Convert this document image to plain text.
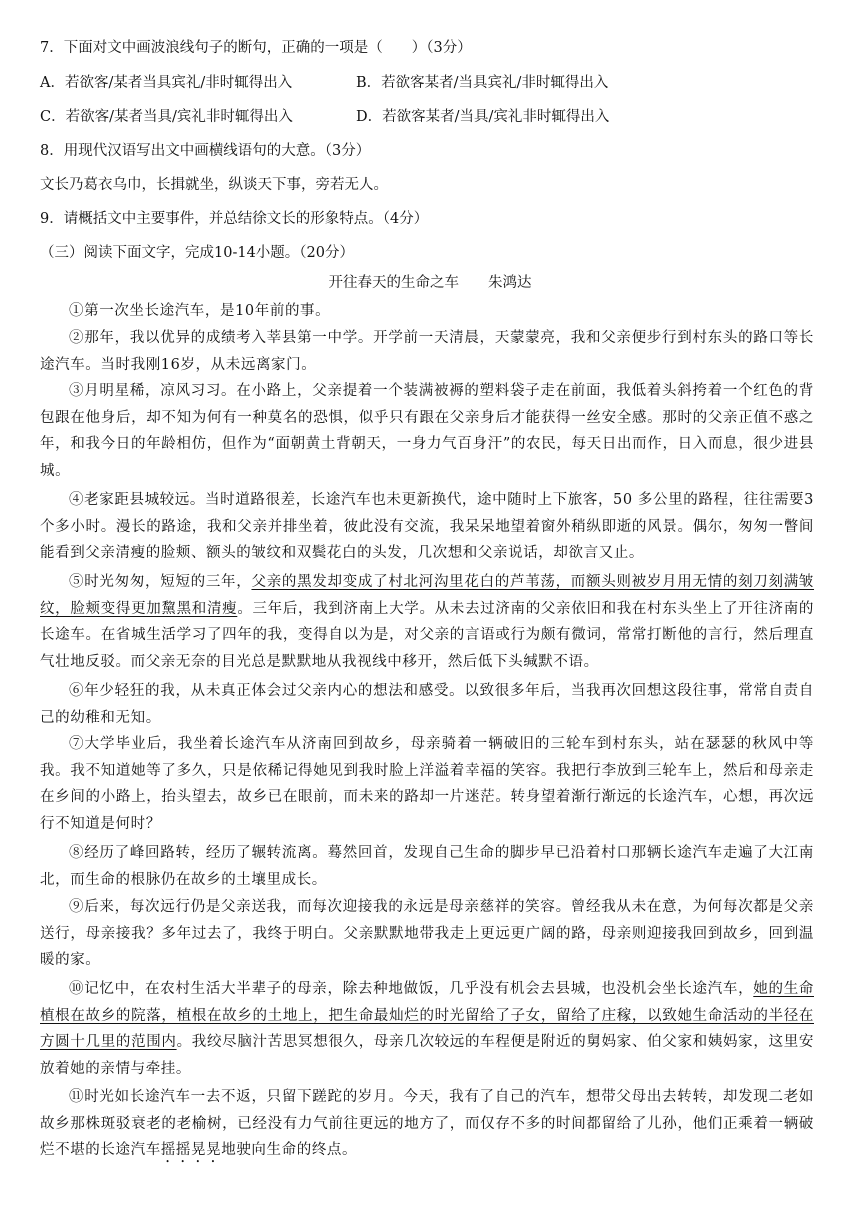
7．下面对文中画波浪线句子的断句，正确的一项是（　　）（3分）
A．若欲客/某者当具宾礼/非时辄得出入	B．若欲客某者/当具宾礼/非时辄得出入
C．若欲客/某者当具/宾礼非时辄得出入	D．若欲客某者/当具/宾礼非时辄得出入
8．用现代汉语写出文中画横线语句的大意。（3分）
文长乃葛衣乌巾，长揖就坐，纵谈天下事，旁若无人。
9．请概括文中主要事件，并总结徐文长的形象特点。（4分）
（三）阅读下面文字，完成10-14小题。（20分）
开往春天的生命之车　　朱鸿达
①第一次坐长途汽车，是10年前的事。
②那年，我以优异的成绩考入莘县第一中学。开学前一天清晨，天蒙蒙亮，我和父亲便步行到村东头的路口等长途汽车。当时我刚16岁，从未远离家门。
③月明星稀，凉风习习。在小路上，父亲提着一个装满被褥的塑料袋子走在前面，我低着头斜挎着一个红色的背包跟在他身后，却不知为何有一种莫名的恐惧，似乎只有跟在父亲身后才能获得一丝安全感。那时的父亲正值不惑之年，和我今日的年龄相仿，但作为“面朝黄土背朝天，一身力气百身汗”的农民，每天日出而作，日入而息，很少进县城。
④老家距县城较远。当时道路很差，长途汽车也未更新换代，途中随时上下旅客，50 多公里的路程，往往需要3个多小时。漫长的路途，我和父亲并排坐着，彼此没有交流，我呆呆地望着窗外稍纵即逝的风景。偶尔，匆匆一瞥间能看到父亲清瘦的脸颊、额头的皱纹和双鬓花白的头发，几次想和父亲说话，却欲言又止。
⑤时光匆匆，短短的三年，父亲的黑发却变成了村北河沟里花白的芦苇荡，而额头则被岁月用无情的刻刀刻满皱纹，脸颊变得更加黧黑和清瘦。三年后，我到济南上大学。从未去过济南的父亲依旧和我在村东头坐上了开往济南的长途车。在省城生活学习了四年的我，变得自以为是，对父亲的言语或行为颇有微词，常常打断他的言行，然后理直气壮地反驳。而父亲无奈的目光总是默默地从我视线中移开，然后低下头缄默不语。
⑥年少轻狂的我，从未真正体会过父亲内心的想法和感受。以致很多年后，当我再次回想这段往事，常常自责自己的幼稚和无知。
⑦大学毕业后，我坐着长途汽车从济南回到故乡，母亲骑着一辆破旧的三轮车到村东头，站在瑟瑟的秋风中等我。我不知道她等了多久，只是依稀记得她见到我时脸上洋溢着幸福的笑容。我把行李放到三轮车上，然后和母亲走在乡间的小路上，抬头望去，故乡已在眼前，而未来的路却一片迷茫。转身望着渐行渐远的长途汽车，心想，再次远行不知道是何时？
⑧经历了峰回路转，经历了辗转流离。蓦然回首，发现自己生命的脚步早已沿着村口那辆长途汽车走遍了大江南北，而生命的根脉仍在故乡的土壤里成长。
⑨后来，每次远行仍是父亲送我，而每次迎接我的永远是母亲慈祥的笑容。曾经我从未在意，为何每次都是父亲送行，母亲接我？多年过去了，我终于明白。父亲默默地带我走上更远更广阔的路，母亲则迎接我回到故乡，回到温暖的家。
⑩记忆中，在农村生活大半辈子的母亲，除去种地做饭，几乎没有机会去县城，也没机会坐长途汽车，她的生命植根在故乡的院落，植根在故乡的土地上，把生命最灿烂的时光留给了子女，留给了庄稼，以致她生命活动的半径在方圆十几里的范围内。我绞尽脑汁苦思冥想很久，母亲几次较远的车程便是附近的舅妈家、伯父家和姨妈家，这里安放着她的亲情与牵挂。
⑪时光如长途汽车一去不返，只留下蹉跎的岁月。今天，我有了自己的汽车，想带父母出去转转，却发现二老如故乡那株斑驳衰老的老榆树，已经没有力气前往更远的地方了，而仅存不多的时间都留给了儿孙，他们正乘着一辆破烂不堪的长途汽车摇摇晃晃地驶向生命的终点。
